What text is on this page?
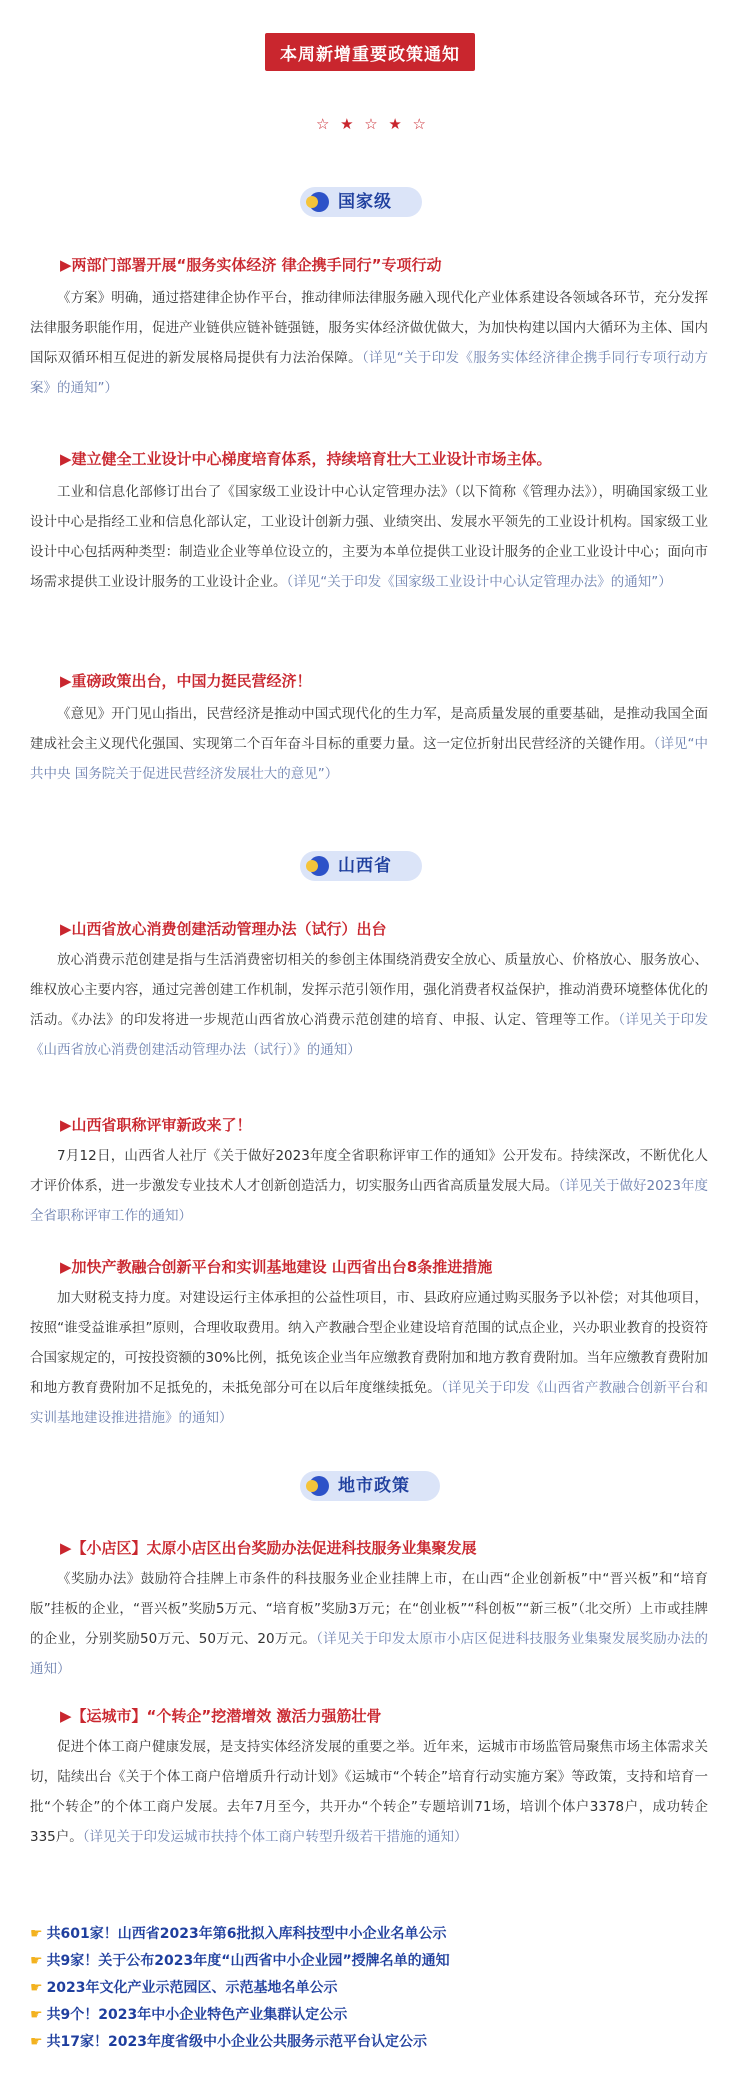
本周新增重要政策通知
☆ ★ ☆ ★ ☆
国家级
▶两部门部署开展“服务实体经济 律企携手同行”专项行动
《方案》明确，通过搭建律企协作平台，推动律师法律服务融入现代化产业体系建设各领域各环节，充分发挥法律服务职能作用，促进产业链供应链补链强链，服务实体经济做优做大，为加快构建以国内大循环为主体、国内国际双循环相互促进的新发展格局提供有力法治保障。（详见“关于印发《服务实体经济律企携手同行专项行动方案》的通知”）
▶建立健全工业设计中心梯度培育体系，持续培育壮大工业设计市场主体。
工业和信息化部修订出台了《国家级工业设计中心认定管理办法》（以下简称《管理办法》），明确国家级工业设计中心是指经工业和信息化部认定，工业设计创新力强、业绩突出、发展水平领先的工业设计机构。国家级工业设计中心包括两种类型：制造业企业等单位设立的，主要为本单位提供工业设计服务的企业工业设计中心；面向市场需求提供工业设计服务的工业设计企业。（详见“关于印发《国家级工业设计中心认定管理办法》的通知”）
▶重磅政策出台，中国力挺民营经济！
《意见》开门见山指出，民营经济是推动中国式现代化的生力军，是高质量发展的重要基础，是推动我国全面建成社会主义现代化强国、实现第二个百年奋斗目标的重要力量。这一定位折射出民营经济的关键作用。（详见“中共中央 国务院关于促进民营经济发展壮大的意见”）
山西省
▶山西省放心消费创建活动管理办法（试行）出台
放心消费示范创建是指与生活消费密切相关的参创主体围绕消费安全放心、质量放心、价格放心、服务放心、维权放心主要内容，通过完善创建工作机制，发挥示范引领作用，强化消费者权益保护，推动消费环境整体优化的活动。《办法》的印发将进一步规范山西省放心消费示范创建的培育、申报、认定、管理等工作。（详见关于印发《山西省放心消费创建活动管理办法（试行）》的通知）
▶山西省职称评审新政来了！
7月12日，山西省人社厅《关于做好2023年度全省职称评审工作的通知》公开发布。持续深改，不断优化人才评价体系，进一步激发专业技术人才创新创造活力，切实服务山西省高质量发展大局。（详见关于做好2023年度全省职称评审工作的通知）
▶加快产教融合创新平台和实训基地建设 山西省出台8条推进措施
加大财税支持力度。对建设运行主体承担的公益性项目，市、县政府应通过购买服务予以补偿；对其他项目，按照“谁受益谁承担”原则，合理收取费用。纳入产教融合型企业建设培育范围的试点企业，兴办职业教育的投资符合国家规定的，可按投资额的30%比例，抵免该企业当年应缴教育费附加和地方教育费附加。当年应缴教育费附加和地方教育费附加不足抵免的，未抵免部分可在以后年度继续抵免。（详见关于印发《山西省产教融合创新平台和实训基地建设推进措施》的通知）
地市政策
▶【小店区】太原小店区出台奖励办法促进科技服务业集聚发展
《奖励办法》鼓励符合挂牌上市条件的科技服务业企业挂牌上市，在山西“企业创新板”中“晋兴板”和“培育版”挂板的企业，“晋兴板”奖励5万元、“培育板”奖励3万元；在“创业板”“科创板”“新三板”（北交所）上市或挂牌的企业，分别奖励50万元、50万元、20万元。（详见关于印发太原市小店区促进科技服务业集聚发展奖励办法的通知）
▶【运城市】“个转企”挖潜增效 激活力强筋壮骨
促进个体工商户健康发展，是支持实体经济发展的重要之举。近年来，运城市市场监管局聚焦市场主体需求关切，陆续出台《关于个体工商户倍增质升行动计划》《运城市“个转企”培育行动实施方案》等政策，支持和培育一批“个转企”的个体工商户发展。去年7月至今，共开办“个转企”专题培训71场，培训个体户3378户，成功转企335户。（详见关于印发运城市扶持个体工商户转型升级若干措施的通知）
☛ 共601家！山西省2023年第6批拟入库科技型中小企业名单公示
☛ 共9家！关于公布2023年度“山西省中小企业园”授牌名单的通知
☛ 2023年文化产业示范园区、示范基地名单公示
☛ 共9个！2023年中小企业特色产业集群认定公示
☛ 共17家！2023年度省级中小企业公共服务示范平台认定公示
